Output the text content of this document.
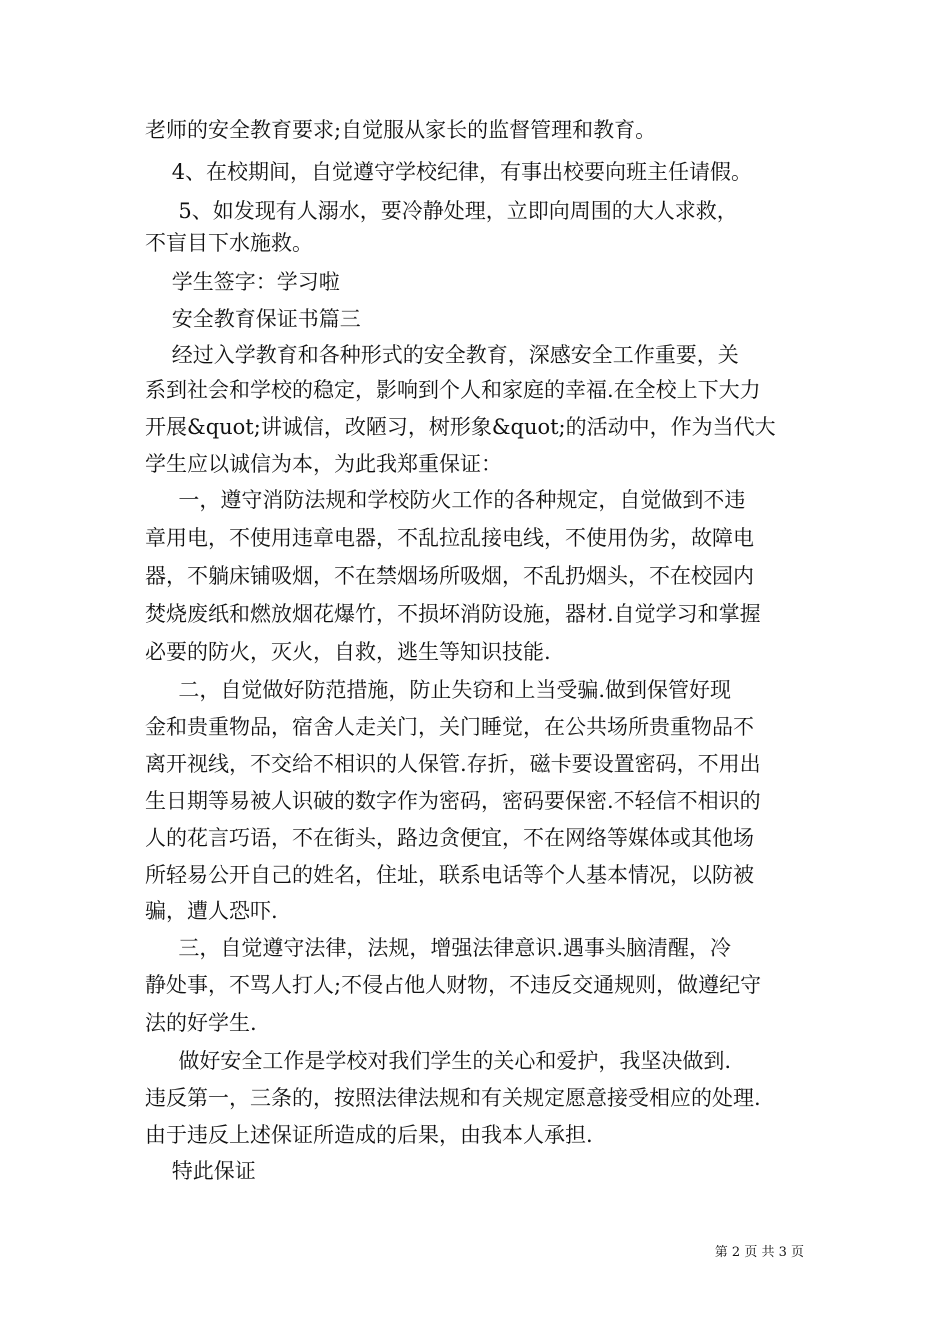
老师的安全教育要求;自觉服从家长的监督管理和教育。

4、在校期间，自觉遵守学校纪律，有事出校要向班主任请假。

5、如发现有人溺水，要冷静处理，立即向周围的大人求救，

不盲目下水施救。

学生签字：学习啦

安全教育保证书篇三

经过入学教育和各种形式的安全教育，深感安全工作重要，关

系到社会和学校的稳定，影响到个人和家庭的幸福.在全校上下大力

开展&quot;讲诚信，改陋习，树形象&quot;的活动中，作为当代大

学生应以诚信为本，为此我郑重保证：

一，遵守消防法规和学校防火工作的各种规定，自觉做到不违

章用电，不使用违章电器，不乱拉乱接电线，不使用伪劣，故障电

器，不躺床铺吸烟，不在禁烟场所吸烟，不乱扔烟头，不在校园内

焚烧废纸和燃放烟花爆竹，不损坏消防设施，器材.自觉学习和掌握

必要的防火，灭火，自救，逃生等知识技能.

二，自觉做好防范措施，防止失窃和上当受骗.做到保管好现

金和贵重物品，宿舍人走关门，关门睡觉，在公共场所贵重物品不

离开视线，不交给不相识的人保管.存折，磁卡要设置密码，不用出

生日期等易被人识破的数字作为密码，密码要保密.不轻信不相识的

人的花言巧语，不在街头，路边贪便宜，不在网络等媒体或其他场

所轻易公开自己的姓名，住址，联系电话等个人基本情况，以防被

骗，遭人恐吓.

三，自觉遵守法律，法规，增强法律意识.遇事头脑清醒，冷

静处事，不骂人打人;不侵占他人财物，不违反交通规则，做遵纪守

法的好学生.

做好安全工作是学校对我们学生的关心和爱护，我坚决做到.

违反第一，三条的，按照法律法规和有关规定愿意接受相应的处理.

由于违反上述保证所造成的后果，由我本人承担.

特此保证

第 2 页 共 3 页
